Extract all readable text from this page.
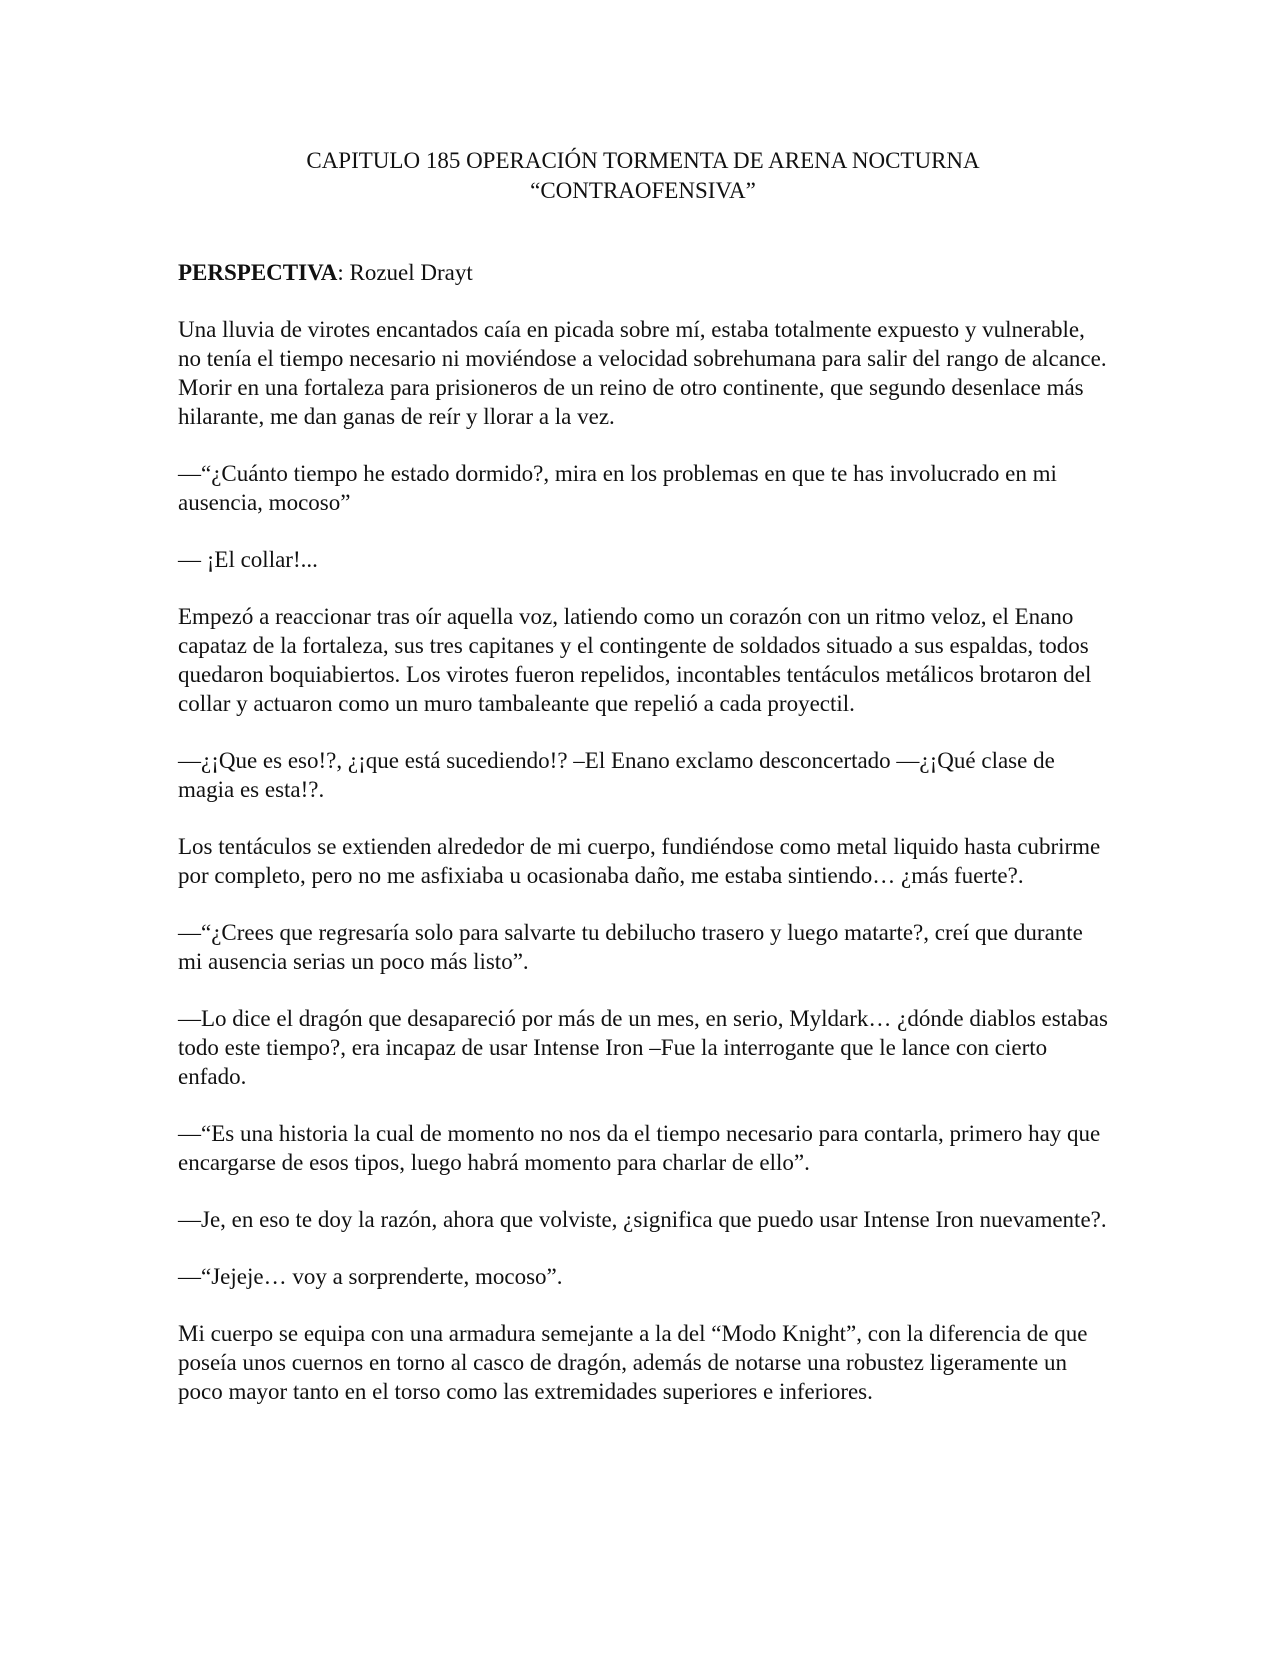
CAPITULO 185 OPERACIÓN TORMENTA DE ARENA NOCTURNA
“CONTRAOFENSIVA”

PERSPECTIVA: Rozuel Drayt

Una lluvia de virotes encantados caía en picada sobre mí, estaba totalmente expuesto y vulnerable, no tenía el tiempo necesario ni moviéndose a velocidad sobrehumana para salir del rango de alcance. Morir en una fortaleza para prisioneros de un reino de otro continente, que segundo desenlace más hilarante, me dan ganas de reír y llorar a la vez.

—“¿Cuánto tiempo he estado dormido?, mira en los problemas en que te has involucrado en mi ausencia, mocoso”

— ¡El collar!...

Empezó a reaccionar tras oír aquella voz, latiendo como un corazón con un ritmo veloz, el Enano capataz de la fortaleza, sus tres capitanes y el contingente de soldados situado a sus espaldas, todos quedaron boquiabiertos. Los virotes fueron repelidos, incontables tentáculos metálicos brotaron del collar y actuaron como un muro tambaleante que repelió a cada proyectil.

—¿¡Que es eso!?, ¿¡que está sucediendo!? –El Enano exclamo desconcertado —¿¡Qué clase de magia es esta!?.

Los tentáculos se extienden alrededor de mi cuerpo, fundiéndose como metal liquido hasta cubrirme por completo, pero no me asfixiaba u ocasionaba daño, me estaba sintiendo… ¿más fuerte?.

—“¿Crees que regresaría solo para salvarte tu debilucho trasero y luego matarte?, creí que durante mi ausencia serias un poco más listo”.

—Lo dice el dragón que desapareció por más de un mes, en serio, Myldark… ¿dónde diablos estabas todo este tiempo?, era incapaz de usar Intense Iron –Fue la interrogante que le lance con cierto enfado.

—“Es una historia la cual de momento no nos da el tiempo necesario para contarla, primero hay que encargarse de esos tipos, luego habrá momento para charlar de ello”.

—Je, en eso te doy la razón, ahora que volviste, ¿significa que puedo usar Intense Iron nuevamente?.

—“Jejeje… voy a sorprenderte, mocoso”.

Mi cuerpo se equipa con una armadura semejante a la del “Modo Knight”, con la diferencia de que poseía unos cuernos en torno al casco de dragón, además de notarse una robustez ligeramente un poco mayor tanto en el torso como las extremidades superiores e inferiores.
